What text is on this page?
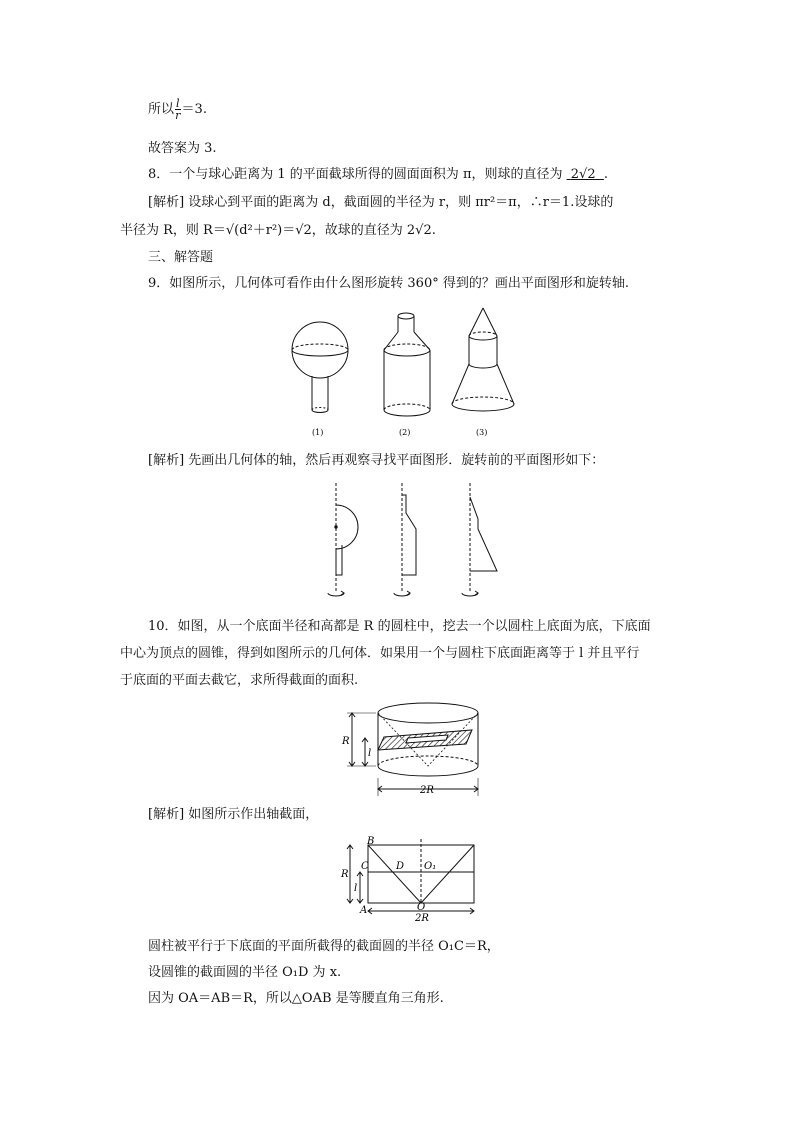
所以 $\frac{l}{r} =3$.
故答案为 3.
8．一个与球心距离为 1 的平面截球所得的圆面面积为 π，则球的直径为 2√2 .
[解析] 设球心到平面的距离为 d，截面圆的半径为 r，则 πr²＝π，∴r＝1.设球的
半径为 R，则 R＝√(d²＋r²)＝√2，故球的直径为 2√2.
三、解答题
9．如图所示，几何体可看作由什么图形旋转 360° 得到的？画出平面图形和旋转轴.
(1)	(2)	(3)
[解析] 先画出几何体的轴，然后再观察寻找平面图形．旋转前的平面图形如下：
10．如图，从一个底面半径和高都是 R 的圆柱中，挖去一个以圆柱上底面为底，下底面
中心为顶点的圆锥，得到如图所示的几何体．如果用一个与圆柱下底面距离等于 l 并且平行
于底面的平面去截它，求所得截面的面积.
R
l
2R
[解析] 如图所示作出轴截面，
B
C	D O₁
R
l
A	O
2R
圆柱被平行于下底面的平面所截得的截面圆的半径 O₁C＝R，
设圆锥的截面圆的半径 O₁D 为 x.
因为 OA＝AB＝R，所以△OAB 是等腰直角三角形.
